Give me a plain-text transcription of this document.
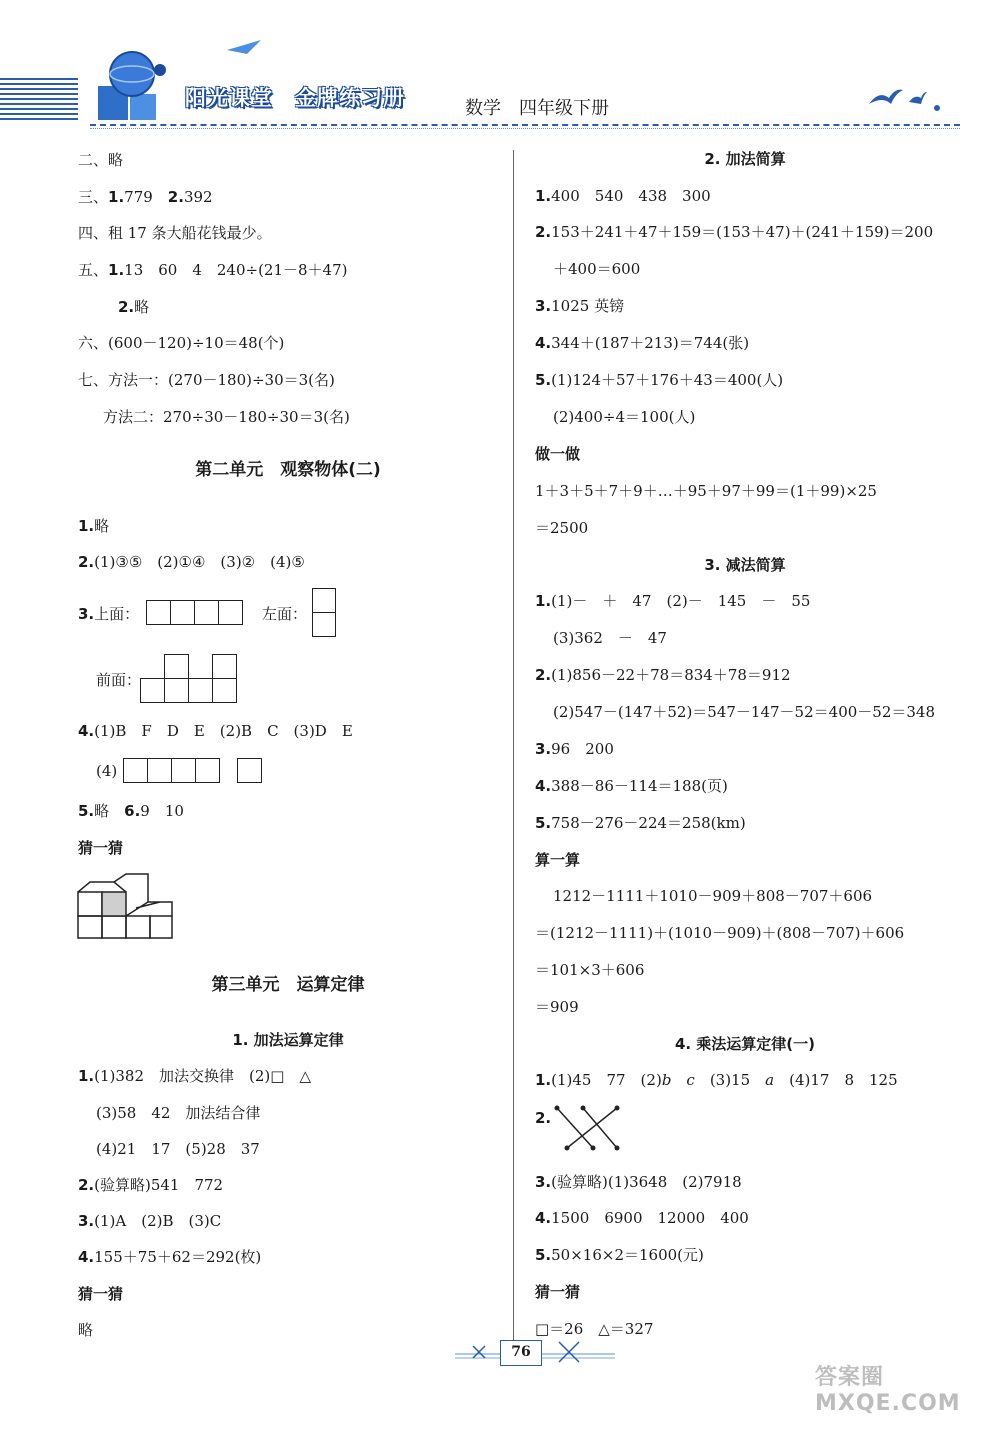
阳光课堂　金牌练习册	数学　四年级下册
二、略
三、1.779　2.392
四、租 17 条大船花钱最少。
五、1.13　60　4　240÷(21－8＋47)
2.略
六、(600－120)÷10＝48(个)
七、方法一：(270－180)÷30＝3(名)
方法二：270÷30－180÷30＝3(名)
第二单元　观察物体(二)
1.略
2.(1)③⑤　(2)①④　(3)②　(4)⑤
3.上面：	左面：
前面：
4.(1)B　F　D　E　(2)B　C　(3)D　E
(4)
5.略　6.9　10
猜一猜
第三单元　运算定律
1. 加法运算定律
1.(1)382　加法交换律　(2)□　△
(3)58　42　加法结合律
(4)21　17　(5)28　37
2.(验算略)541　772
3.(1)A　(2)B　(3)C
4.155＋75＋62＝292(枚)
猜一猜
略
2. 加法简算
1.400　540　438　300
2.153＋241＋47＋159＝(153＋47)＋(241＋159)＝200
＋400＝600
3.1025 英镑
4.344＋(187＋213)＝744(张)
5.(1)124＋57＋176＋43＝400(人)
(2)400÷4＝100(人)
做一做
1＋3＋5＋7＋9＋…＋95＋97＋99＝(1＋99)×25
＝2500
3. 减法简算
1.(1)－　＋　47　(2)－　145　－　55
(3)362　－　47
2.(1)856－22＋78＝834＋78＝912
(2)547－(147＋52)＝547－147－52＝400－52＝348
3.96　200
4.388－86－114＝188(页)
5.758－276－224＝258(km)
算一算
1212－1111＋1010－909＋808－707＋606
＝(1212－1111)＋(1010－909)＋(808－707)＋606
＝101×3＋606
＝909
4. 乘法运算定律(一)
1.(1)45　77　(2)b　c　(3)15　a　(4)17　8　125
2.
3.(验算略)(1)3648　(2)7918
4.1500　6900　12000　400
5.50×16×2＝1600(元)
猜一猜
□＝26　△＝327
76
答案圈 MXQE.COM
